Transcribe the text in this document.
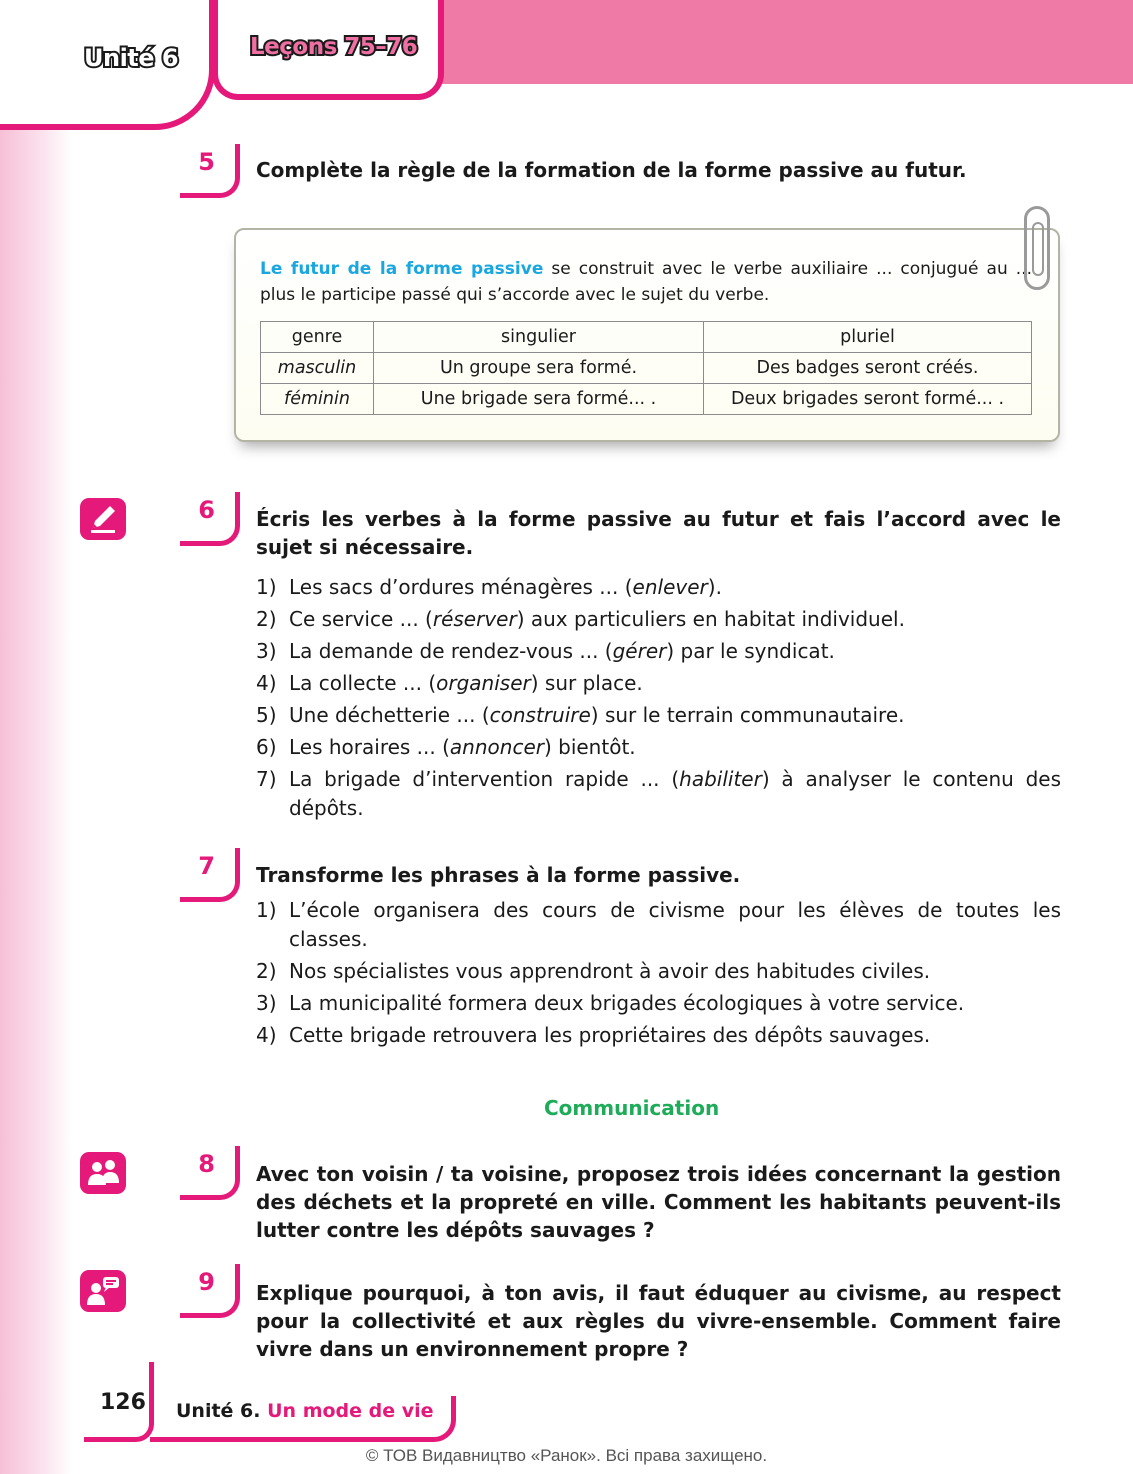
Unité 6	Leçons 75–76
5 Complète la règle de la formation de la forme passive au futur.

Le futur de la forme passive se construit avec le verbe auxiliaire ... conjugué au ... plus le participe passé qui s’accorde avec le sujet du verbe.

genre	singulier	pluriel
masculin	Un groupe sera formé.	Des badges seront créés.
féminin	Une brigade sera formé... .	Deux brigades seront formé... .
6 Écris les verbes à la forme passive au futur et fais l’accord avec le sujet si nécessaire.
1) Les sacs d’ordures ménagères ... (enlever).
2) Ce service ... (réserver) aux particuliers en habitat individuel.
3) La demande de rendez-vous ... (gérer) par le syndicat.
4) La collecte ... (organiser) sur place.
5) Une déchetterie ... (construire) sur le terrain communautaire.
6) Les horaires ... (annoncer) bientôt.
7) La brigade d’intervention rapide ... (habiliter) à analyser le contenu des dépôts.
7 Transforme les phrases à la forme passive.
1) L’école organisera des cours de civisme pour les élèves de toutes les classes.
2) Nos spécialistes vous apprendront à avoir des habitudes civiles.
3) La municipalité formera deux brigades écologiques à votre service.
4) Cette brigade retrouvera les propriétaires des dépôts sauvages.
Communication
8 Avec ton voisin / ta voisine, proposez trois idées concernant la gestion des déchets et la propreté en ville. Comment les habitants peuvent-ils lutter contre les dépôts sauvages ?
9 Explique pourquoi, à ton avis, il faut éduquer au civisme, au respect pour la collectivité et aux règles du vivre-ensemble. Comment faire vivre dans un environnement propre ?
126 Unité 6. Un mode de vie
© ТОВ Видавництво «Ранок». Всі права захищено.
